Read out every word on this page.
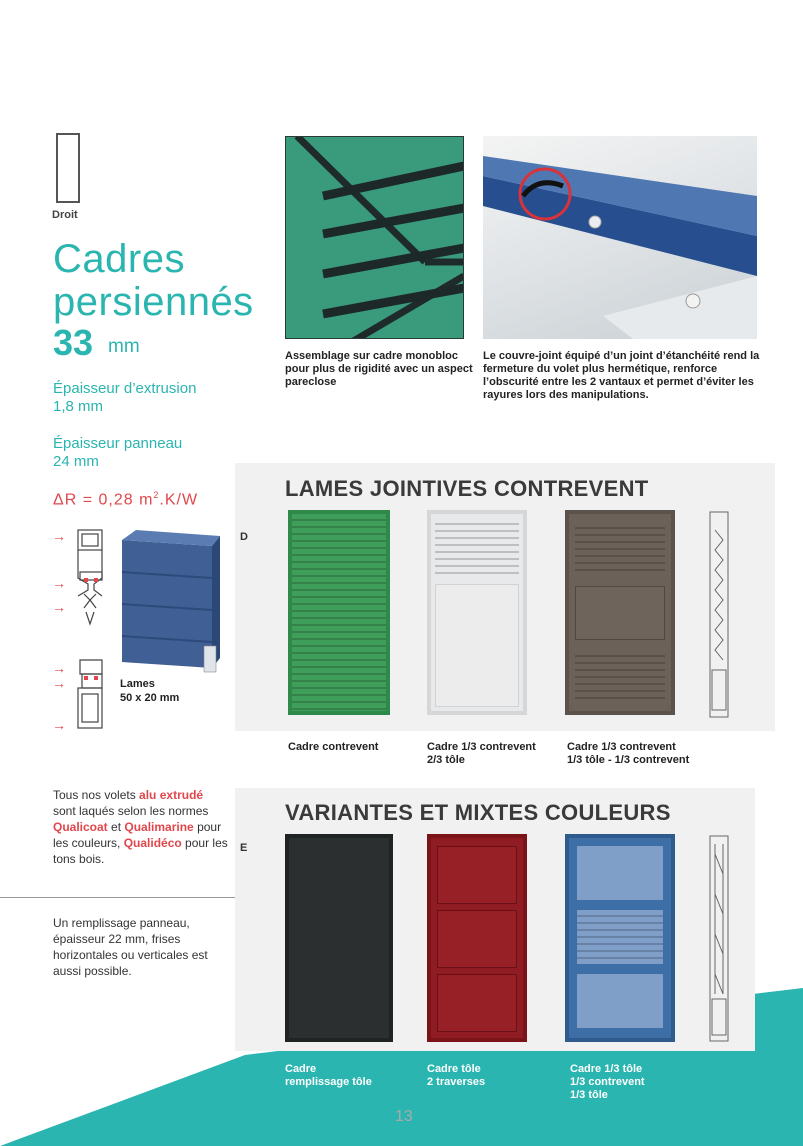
Droit
Cadres
persiennés
33 mm
Épaisseur d’extrusion
1,8 mm
Épaisseur panneau
24 mm
ΔR = 0,28 $m^2.K/W$
→
→
→
→
→
→
Lames
50 x 20 mm
Tous nos volets alu extrudé sont laqués selon les normes Qualicoat et Qualimarine pour les couleurs, Qualidéco pour les tons bois.
Un remplissage panneau, épaisseur 22 mm, frises horizontales ou verticales est aussi possible.
Assemblage sur cadre monobloc pour plus de rigidité avec un aspect pareclose
Le couvre-joint équipé d’un joint d’étanchéité rend la fermeture du volet plus hermétique, renforce l’obscurité entre les 2 vantaux et permet d’éviter les rayures lors des manipulations.
LAMES JOINTIVES CONTREVENT
D
Cadre contrevent	Cadre 1/3 contrevent
2/3 tôle
Cadre 1/3 contrevent
1/3 tôle - 1/3 contrevent
VARIANTES ET MIXTES COULEURS
E
Cadre
remplissage tôle
Cadre tôle
2 traverses
Cadre 1/3 tôle
1/3 contrevent
1/3 tôle
13
